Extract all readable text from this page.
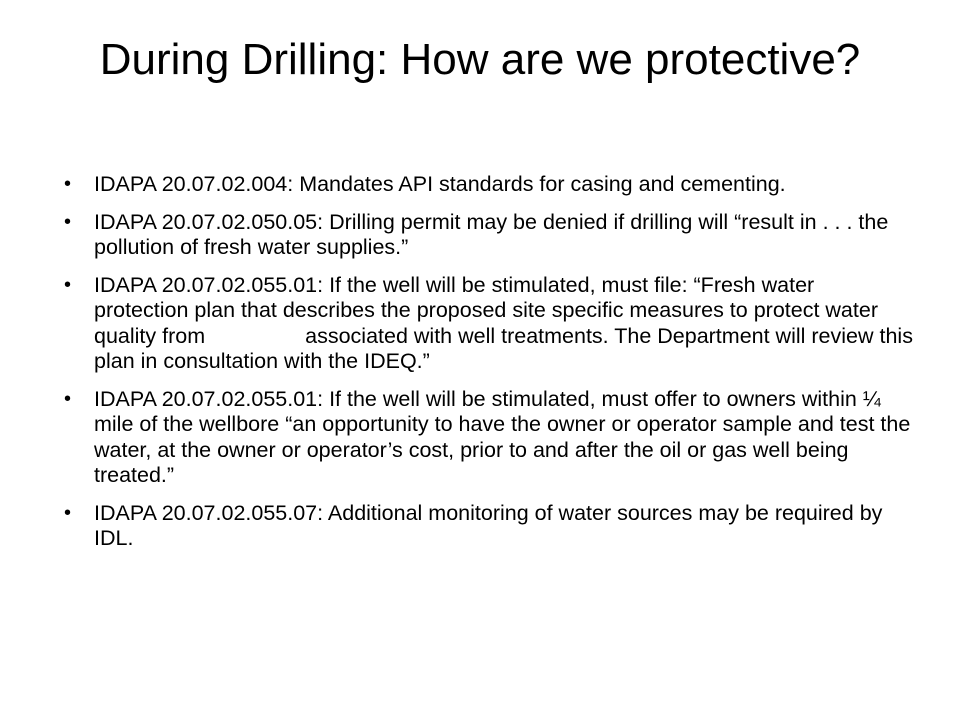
During Drilling: How are we protective?
•	IDAPA 20.07.02.004: Mandates API standards for casing and cementing.
•	IDAPA 20.07.02.050.05: Drilling permit may be denied if drilling will “result in . . . the pollution of fresh water supplies.”
•	IDAPA 20.07.02.055.01: If the well will be stimulated, must file: “Fresh water protection plan that describes the proposed site specific measures to protect water quality from	associated with well treatments. The Department will review this plan in consultation with the IDEQ.”
•	IDAPA 20.07.02.055.01: If the well will be stimulated, must offer to owners within ¼ mile of the wellbore “an opportunity to have the owner or operator sample and test the water, at the owner or operator’s cost, prior to and after the oil or gas well being treated.”
•	IDAPA 20.07.02.055.07: Additional monitoring of water sources may be required by IDL.
